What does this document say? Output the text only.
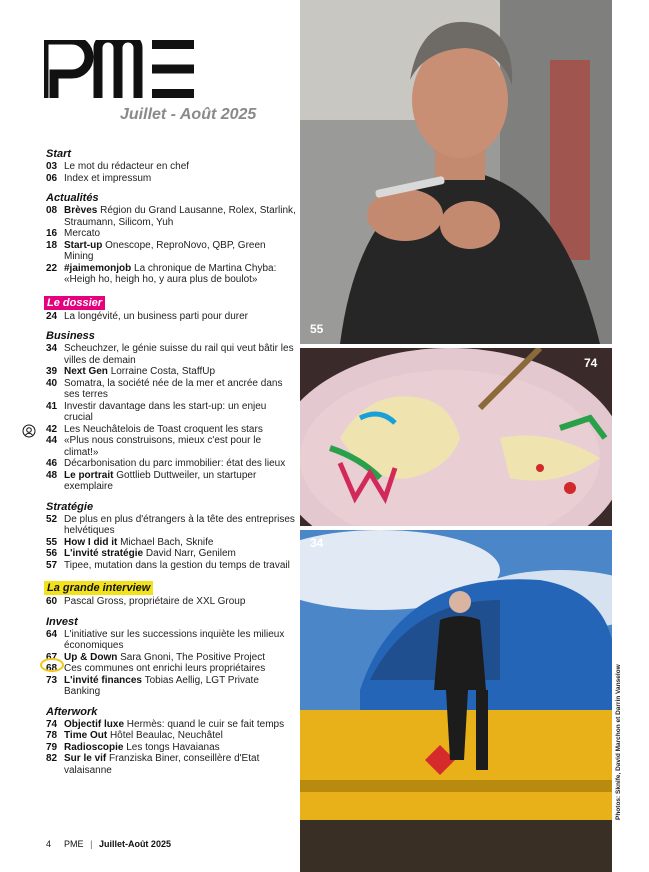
Juillet - Août 2025
Start
03 Le mot du rédacteur en chef
06 Index et impressum
Actualités
08 Brèves Région du Grand Lausanne, Rolex, Starlink, Straumann, Silicom, Yuh
16 Mercato
18 Start-up Onescope, ReproNovo, QBP, Green Mining
22 #jaimemonjob La chronique de Martina Chyba: «Heigh ho, heigh ho, y aura plus de boulot»
Le dossier
24 La longévité, un business parti pour durer
Business
34 Scheuchzer, le génie suisse du rail qui veut bâtir les villes de demain
39 Next Gen Lorraine Costa, StaffUp
40 Somatra, la société née de la mer et ancrée dans ses terres
41 Investir davantage dans les start-up: un enjeu crucial
42 Les Neuchâtelois de Toast croquent les stars
44 «Plus nous construisons, mieux c'est pour le climat!»
46 Décarbonisation du parc immobilier: état des lieux
48 Le portrait Gottlieb Duttweiler, un startuper exemplaire
Stratégie
52 De plus en plus d'étrangers à la tête des entreprises helvétiques
55 How I did it Michael Bach, Sknife
56 L'invité stratégie David Narr, Genilem
57 Tipee, mutation dans la gestion du temps de travail
La grande interview
60 Pascal Gross, propriétaire de XXL Group
Invest
64 L'initiative sur les successions inquiète les milieux économiques
67 Up & Down Sara Gnoni, The Positive Project
68 Ces communes ont enrichi leurs propriétaires
73 L'invité finances Tobias Aellig, LGT Private Banking
Afterwork
74 Objectif luxe Hermès: quand le cuir se fait temps
78 Time Out Hôtel Beaulac, Neuchâtel
79 Radioscopie Les tongs Havaianas
82 Sur le vif Franziska Biner, conseillère d'Etat valaisanne
55
74
34
Photos: Sknife, David Marchon et Darrin Vanselow
4 PME | Juillet-Août 2025
